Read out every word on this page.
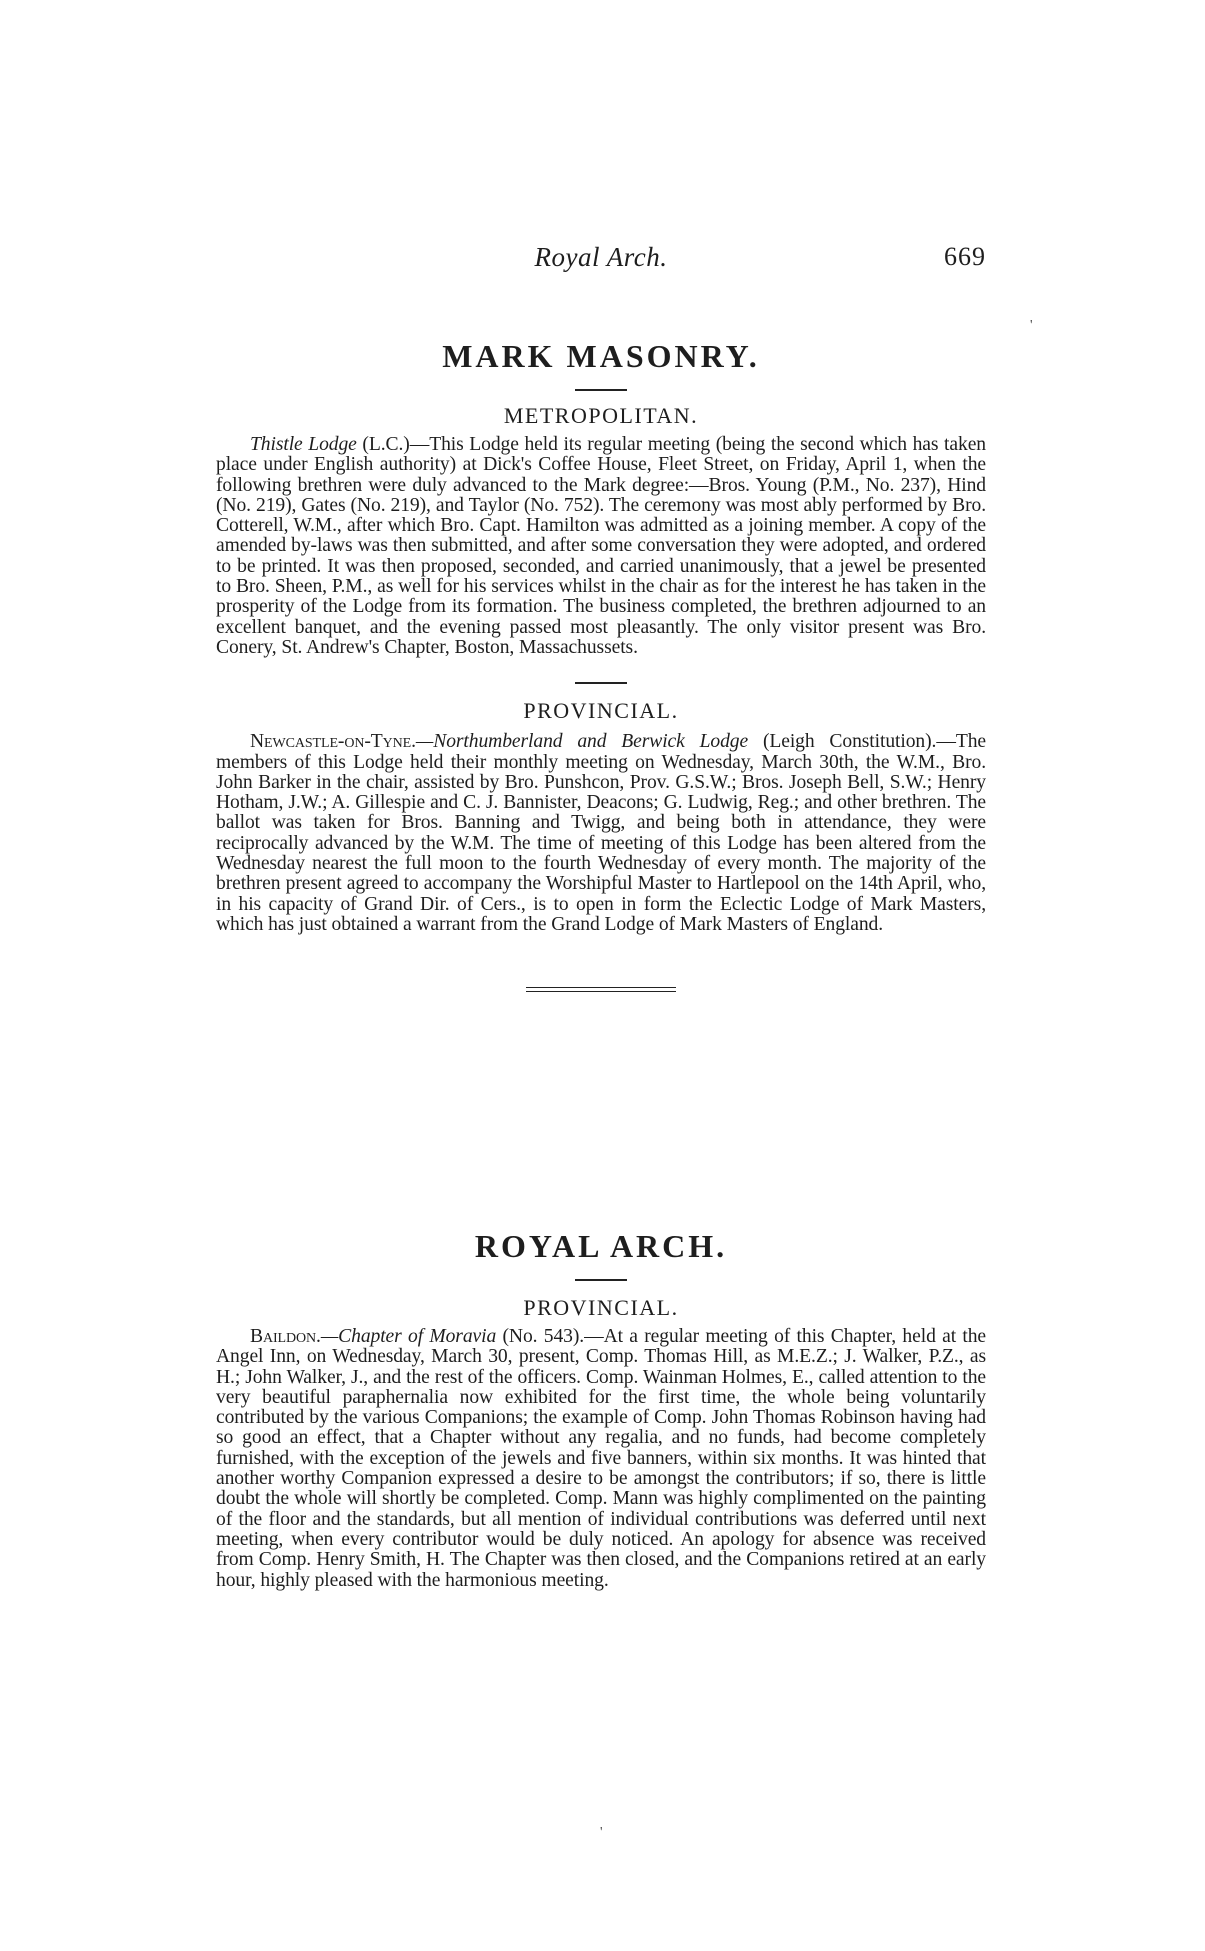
Royal Arch.	669
'
MARK MASONRY.
METROPOLITAN.

Thistle Lodge (L.C.)—This Lodge held its regular meeting (being the second which has taken place under English authority) at Dick's Coffee House, Fleet Street, on Friday, April 1, when the following brethren were duly advanced to the Mark degree:—Bros. Young (P.M., No. 237), Hind (No. 219), Gates (No. 219), and Taylor (No. 752). The ceremony was most ably performed by Bro. Cotterell, W.M., after which Bro. Capt. Hamilton was admitted as a joining member. A copy of the amended by-laws was then submitted, and after some conversation they were adopted, and ordered to be printed. It was then proposed, seconded, and carried unanimously, that a jewel be presented to Bro. Sheen, P.M., as well for his services whilst in the chair as for the interest he has taken in the prosperity of the Lodge from its formation. The business completed, the brethren adjourned to an excellent banquet, and the evening passed most pleasantly. The only visitor present was Bro. Conery, St. Andrew's Chapter, Boston, Massachussets.

PROVINCIAL.

Newcastle-on-Tyne.—Northumberland and Berwick Lodge (Leigh Constitution).—The members of this Lodge held their monthly meeting on Wednesday, March 30th, the W.M., Bro. John Barker in the chair, assisted by Bro. Punshcon, Prov. G.S.W.; Bros. Joseph Bell, S.W.; Henry Hotham, J.W.; A. Gillespie and C. J. Bannister, Deacons; G. Ludwig, Reg.; and other brethren. The ballot was taken for Bros. Banning and Twigg, and being both in attendance, they were reciprocally advanced by the W.M. The time of meeting of this Lodge has been altered from the Wednesday nearest the full moon to the fourth Wednesday of every month. The majority of the brethren present agreed to accompany the Worshipful Master to Hartlepool on the 14th April, who, in his capacity of Grand Dir. of Cers., is to open in form the Eclectic Lodge of Mark Masters, which has just obtained a warrant from the Grand Lodge of Mark Masters of England.

ROYAL ARCH.
PROVINCIAL.

Baildon.—Chapter of Moravia (No. 543).—At a regular meeting of this Chapter, held at the Angel Inn, on Wednesday, March 30, present, Comp. Thomas Hill, as M.E.Z.; J. Walker, P.Z., as H.; John Walker, J., and the rest of the officers. Comp. Wainman Holmes, E., called attention to the very beautiful paraphernalia now exhibited for the first time, the whole being voluntarily contributed by the various Companions; the example of Comp. John Thomas Robinson having had so good an effect, that a Chapter without any regalia, and no funds, had become completely furnished, with the exception of the jewels and five banners, within six months. It was hinted that another worthy Companion expressed a desire to be amongst the contributors; if so, there is little doubt the whole will shortly be completed. Comp. Mann was highly complimented on the painting of the floor and the standards, but all mention of individual contributions was deferred until next meeting, when every contributor would be duly noticed. An apology for absence was received from Comp. Henry Smith, H. The Chapter was then closed, and the Companions retired at an early hour, highly pleased with the harmonious meeting.

'
